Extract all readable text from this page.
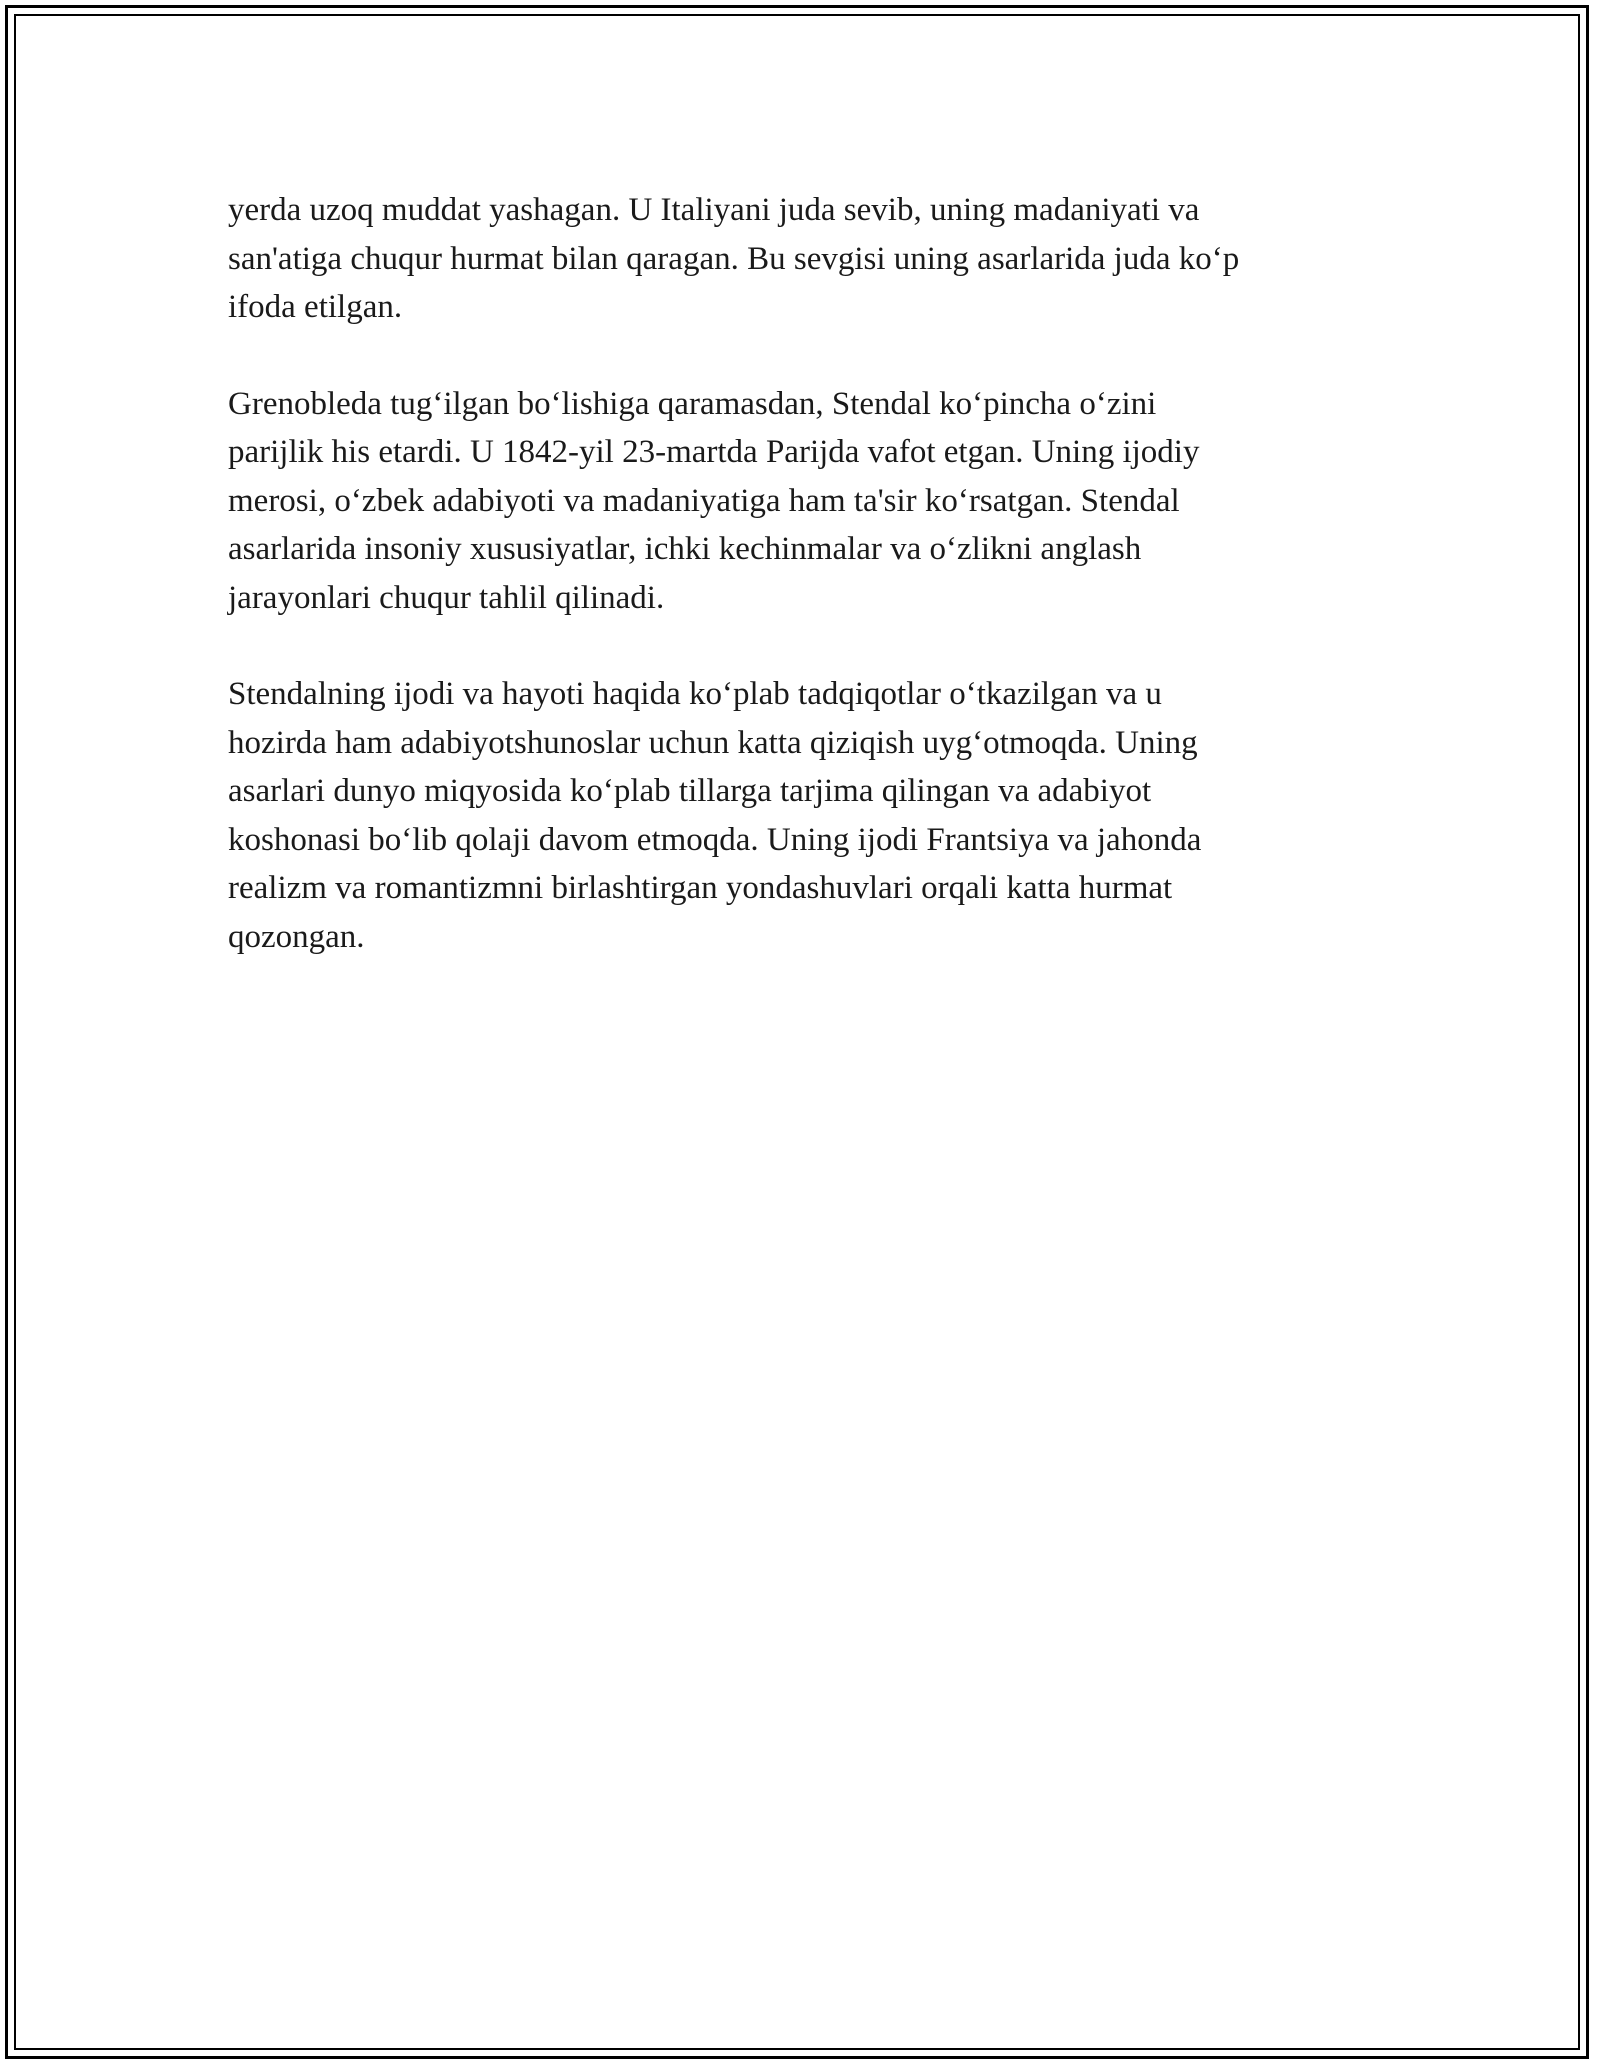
yerda uzoq muddat yashagan. U Italiyani juda sevib, uning madaniyati va
san'atiga chuqur hurmat bilan qaragan. Bu sevgisi uning asarlarida juda ko‘p
ifoda etilgan.

Grenobleda tug‘ilgan bo‘lishiga qaramasdan, Stendal ko‘pincha o‘zini
parijlik his etardi. U 1842-yil 23-martda Parijda vafot etgan. Uning ijodiy
merosi, o‘zbek adabiyoti va madaniyatiga ham ta'sir ko‘rsatgan. Stendal
asarlarida insoniy xususiyatlar, ichki kechinmalar va o‘zlikni anglash
jarayonlari chuqur tahlil qilinadi.

Stendalning ijodi va hayoti haqida ko‘plab tadqiqotlar o‘tkazilgan va u
hozirda ham adabiyotshunoslar uchun katta qiziqish uyg‘otmoqda. Uning
asarlari dunyo miqyosida ko‘plab tillarga tarjima qilingan va adabiyot
koshonasi bo‘lib qolaji davom etmoqda. Uning ijodi Frantsiya va jahonda
realizm va romantizmni birlashtirgan yondashuvlari orqali katta hurmat
qozongan.
